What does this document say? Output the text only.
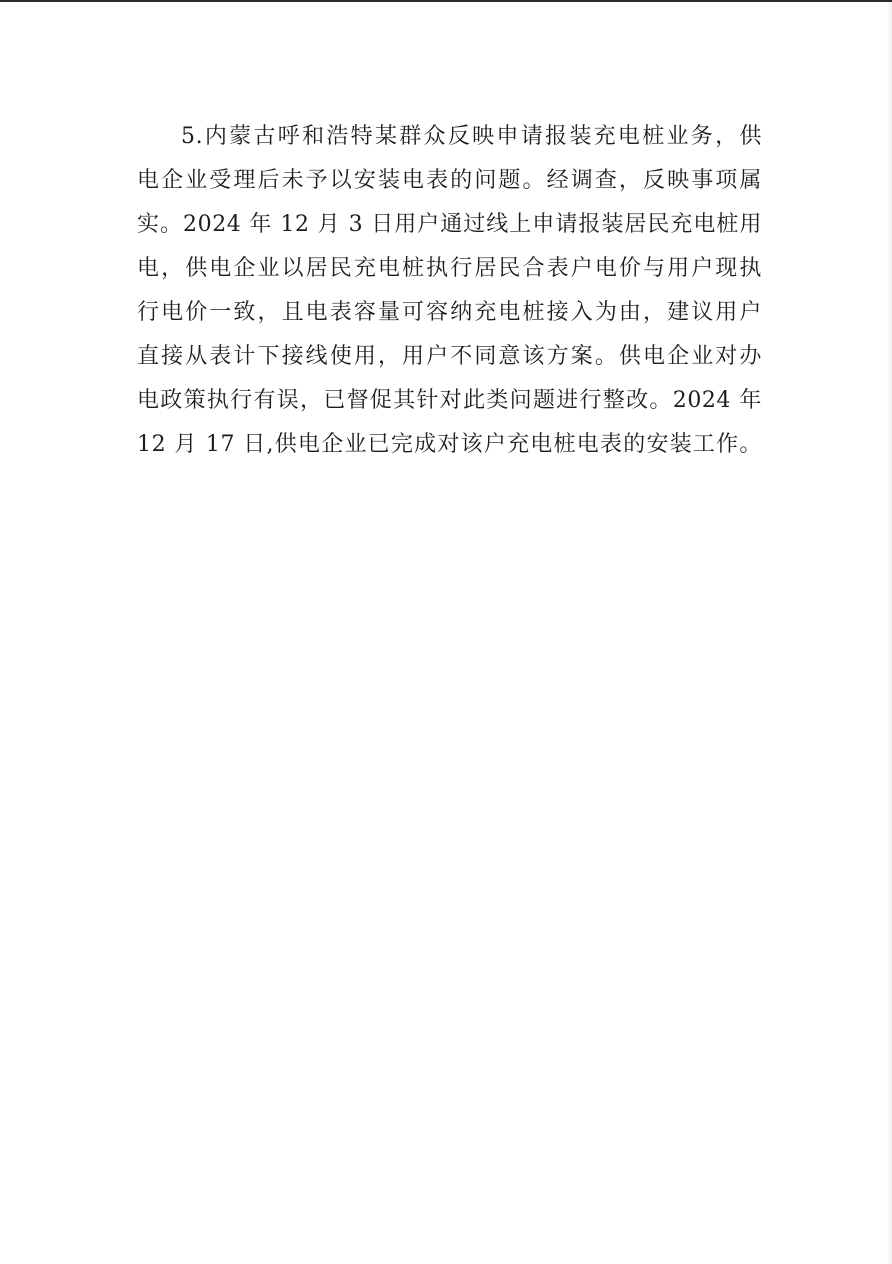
5.内蒙古呼和浩特某群众反映申请报装充电桩业务，供
电企业受理后未予以安装电表的问题。经调查，反映事项属
实。2024 年 12 月 3 日用户通过线上申请报装居民充电桩用
电，供电企业以居民充电桩执行居民合表户电价与用户现执
行电价一致，且电表容量可容纳充电桩接入为由，建议用户
直接从表计下接线使用，用户不同意该方案。供电企业对办
电政策执行有误，已督促其针对此类问题进行整改。2024 年
12 月 17 日,供电企业已完成对该户充电桩电表的安装工作。
